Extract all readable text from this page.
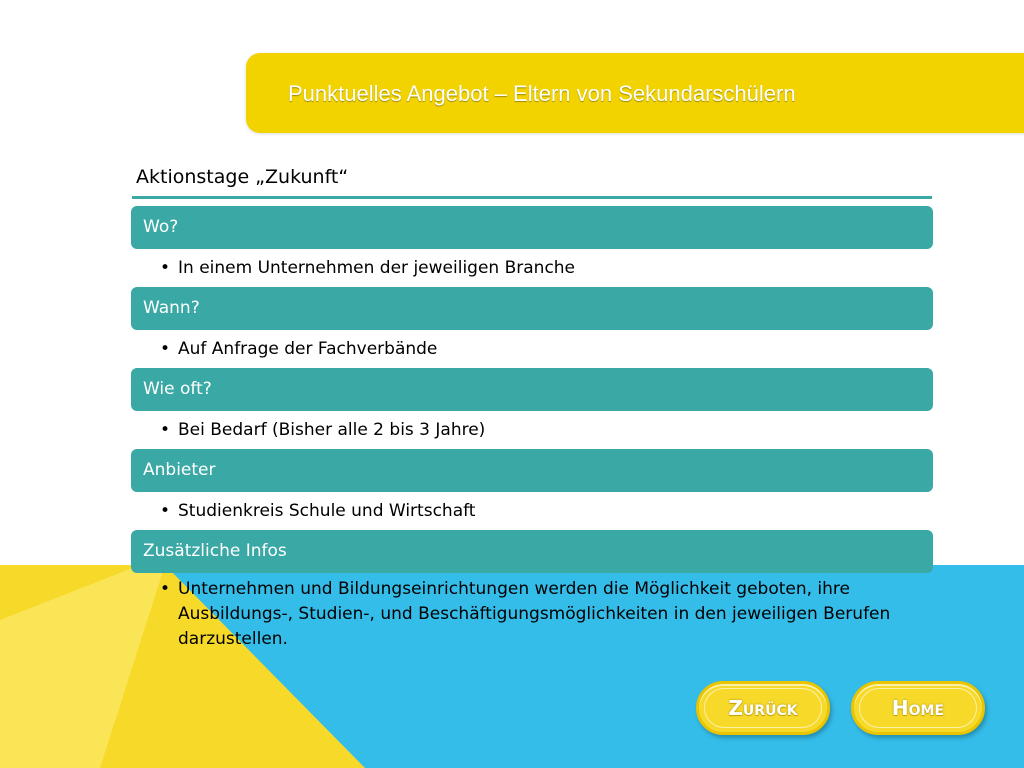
Punktuelles Angebot – Eltern von Sekundarschülern
Aktionstage „Zukunft“
Wo?
• In einem Unternehmen der jeweiligen Branche
Wann?
• Auf Anfrage der Fachverbände
Wie oft?
• Bei Bedarf (Bisher alle 2 bis 3 Jahre)
Anbieter
• Studienkreis Schule und Wirtschaft
Zusätzliche Infos
• Unternehmen und Bildungseinrichtungen werden die Möglichkeit geboten, ihre Ausbildungs-, Studien-, und Beschäftigungsmöglichkeiten in den jeweiligen Berufen darzustellen.
Zurück	Home
